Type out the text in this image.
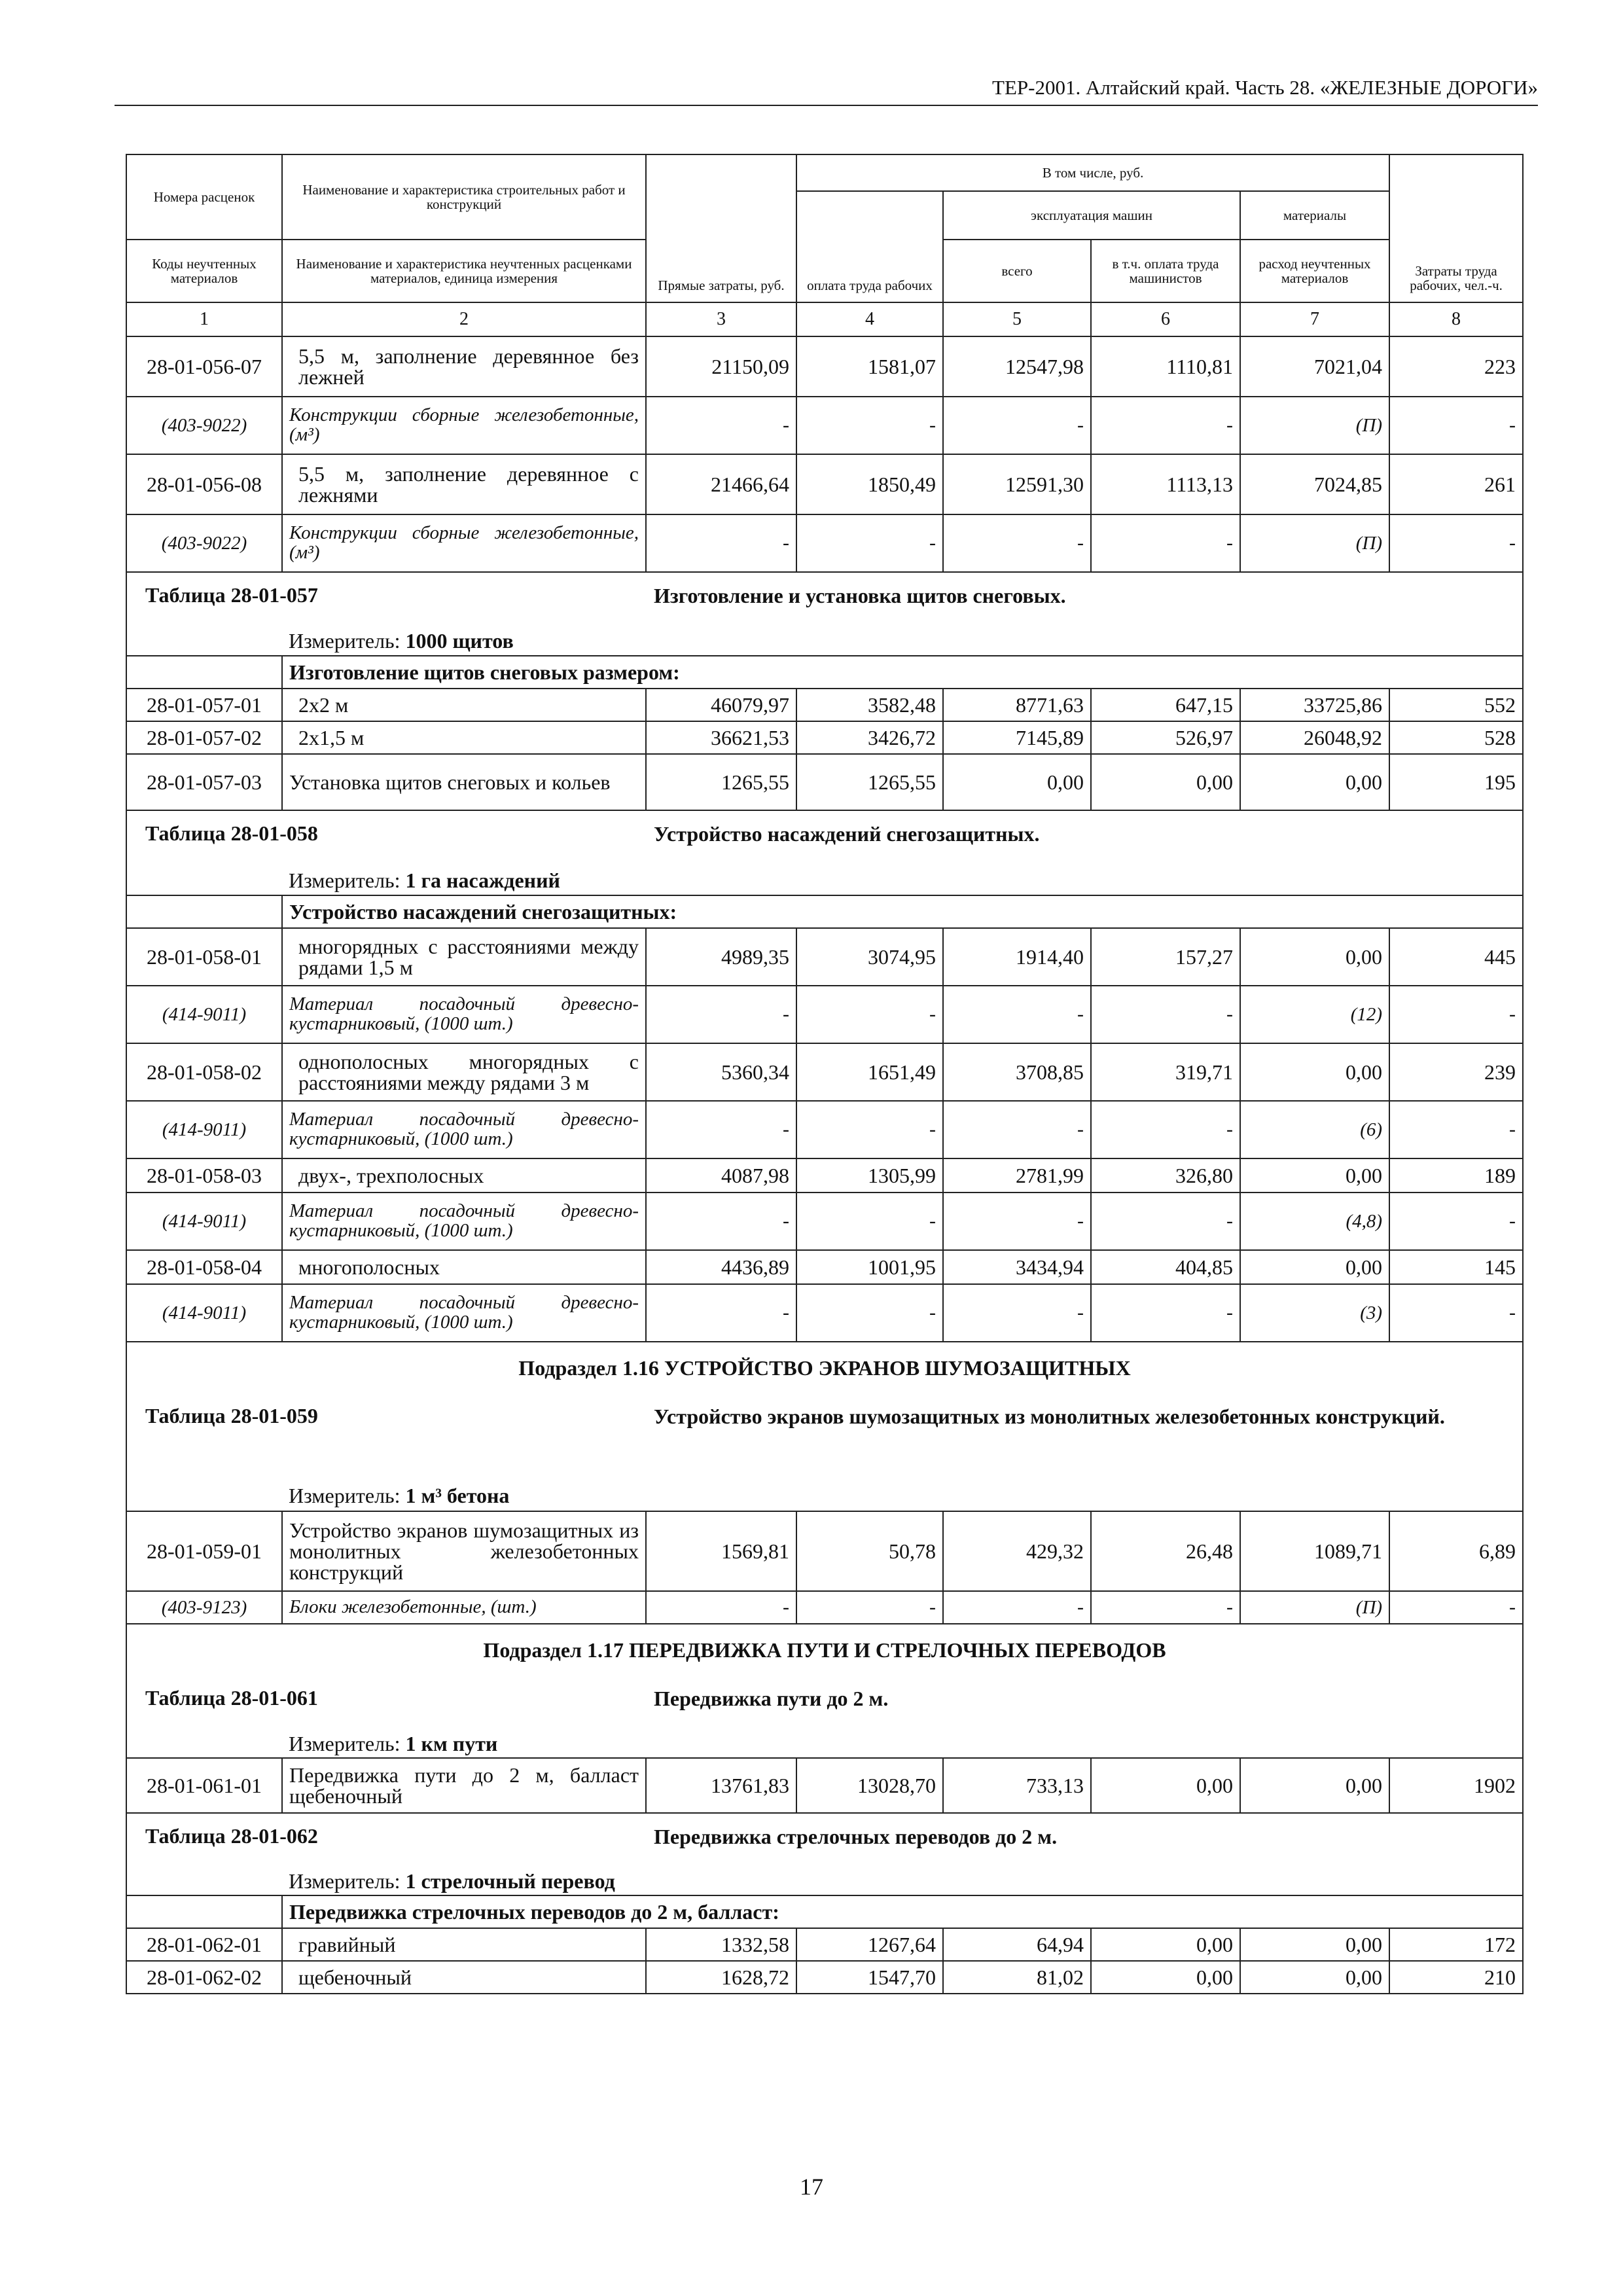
ТЕР-2001. Алтайский край. Часть 28. «ЖЕЛЕЗНЫЕ ДОРОГИ»
Номера расценок	Наименование и характеристика строительных работ и конструкций	Прямые затраты, руб.	В том числе, руб.				Затраты труда рабочих, чел.-ч.
			оплата труда рабочих	эксплуатация машин		материалы	
Коды неучтенных материалов	Наименование и характеристика неучтенных расценками материалов, единица измерения			всего	в т.ч. оплата труда машинистов	расход неучтенных материалов	
1	2	3	4	5	6	7	8
28-01-056-07	5,5 м, заполнение деревянное без лежней	21150,09	1581,07	12547,98	1110,81	7021,04	223
(403-9022)	Конструкции сборные железобетонные, (м³)	-	-	-	-	(П)	-
28-01-056-08	5,5 м, заполнение деревянное с лежнями	21466,64	1850,49	12591,30	1113,13	7024,85	261
(403-9022)	Конструкции сборные железобетонные, (м³)	-	-	-	-	(П)	-

Таблица 28-01-057 Изготовление и установка щитов снеговых.							

	Измеритель: 1000 щитов						
	Изготовление щитов снеговых размером:						
28-01-057-01	2х2 м	46079,97	3582,48	8771,63	647,15	33725,86	552
28-01-057-02	2х1,5 м	36621,53	3426,72	7145,89	526,97	26048,92	528
28-01-057-03	Установка щитов снеговых и кольев	1265,55	1265,55	0,00	0,00	0,00	195

Таблица 28-01-058 Устройство насаждений снегозащитных.							

	Измеритель: 1 га насаждений						
	Устройство насаждений снегозащитных:						
28-01-058-01	многорядных с расстояниями между рядами 1,5 м	4989,35	3074,95	1914,40	157,27	0,00	445
(414-9011)	Материал посадочный древесно-кустарниковый, (1000 шт.)	-	-	-	-	(12)	-
28-01-058-02	однополосных многорядных с расстояниями между рядами 3 м	5360,34	1651,49	3708,85	319,71	0,00	239
(414-9011)	Материал посадочный древесно-кустарниковый, (1000 шт.)	-	-	-	-	(6)	-
28-01-058-03	двух-, трехполосных	4087,98	1305,99	2781,99	326,80	0,00	189
(414-9011)	Материал посадочный древесно-кустарниковый, (1000 шт.)	-	-	-	-	(4,8)	-
28-01-058-04	многополосных	4436,89	1001,95	3434,94	404,85	0,00	145
(414-9011)	Материал посадочный древесно-кустарниковый, (1000 шт.)	-	-	-	-	(3)	-
Подраздел 1.16 УСТРОЙСТВО ЭКРАНОВ ШУМОЗАЩИТНЫХ							

Таблица 28-01-059 Устройство экранов шумозащитных из монолитных железобетонных конструкций.							

	Измеритель: 1 м³ бетона						
28-01-059-01	Устройство экранов шумозащитных из монолитных железобетонных конструкций	1569,81	50,78	429,32	26,48	1089,71	6,89
(403-9123)	Блоки железобетонные, (шт.)	-	-	-	-	(П)	-
Подраздел 1.17 ПЕРЕДВИЖКА ПУТИ И СТРЕЛОЧНЫХ ПЕРЕВОДОВ							

Таблица 28-01-061 Передвижка пути до 2 м.							

	Измеритель: 1 км пути						
28-01-061-01	Передвижка пути до 2 м, балласт щебеночный	13761,83	13028,70	733,13	0,00	0,00	1902

Таблица 28-01-062 Передвижка стрелочных переводов до 2 м.							

	Измеритель: 1 стрелочный перевод						
	Передвижка стрелочных переводов до 2 м, балласт:						
28-01-062-01	гравийный	1332,58	1267,64	64,94	0,00	0,00	172
28-01-062-02	щебеночный	1628,72	1547,70	81,02	0,00	0,00	210
17
